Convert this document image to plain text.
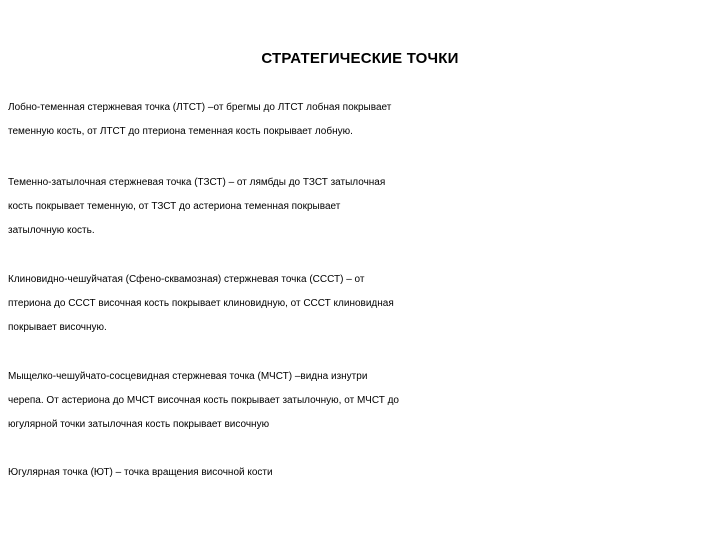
СТРАТЕГИЧЕСКИЕ ТОЧКИ

Лобно-теменная стержневая точка (ЛТСТ) –от брегмы до ЛТСТ лобная покрывает
теменную кость, от ЛТСТ до птериона теменная кость покрывает лобную.

Теменно-затылочная стержневая точка (ТЗСТ) – от лямбды до ТЗСТ затылочная
кость покрывает теменную, от ТЗСТ до астериона теменная покрывает
затылочную кость.

Клиновидно-чешуйчатая (Сфено-сквамозная) стержневая точка (СССТ) – от
птериона до СССТ височная кость покрывает клиновидную, от СССТ клиновидная
покрывает височную.

Мыщелко-чешуйчато-сосцевидная стержневая точка (МЧСТ) –видна изнутри
черепа. От астериона до МЧСТ височная кость покрывает затылочную, от МЧСТ до
югулярной точки затылочная кость покрывает височную

Югулярная точка (ЮТ) – точка вращения височной кости
